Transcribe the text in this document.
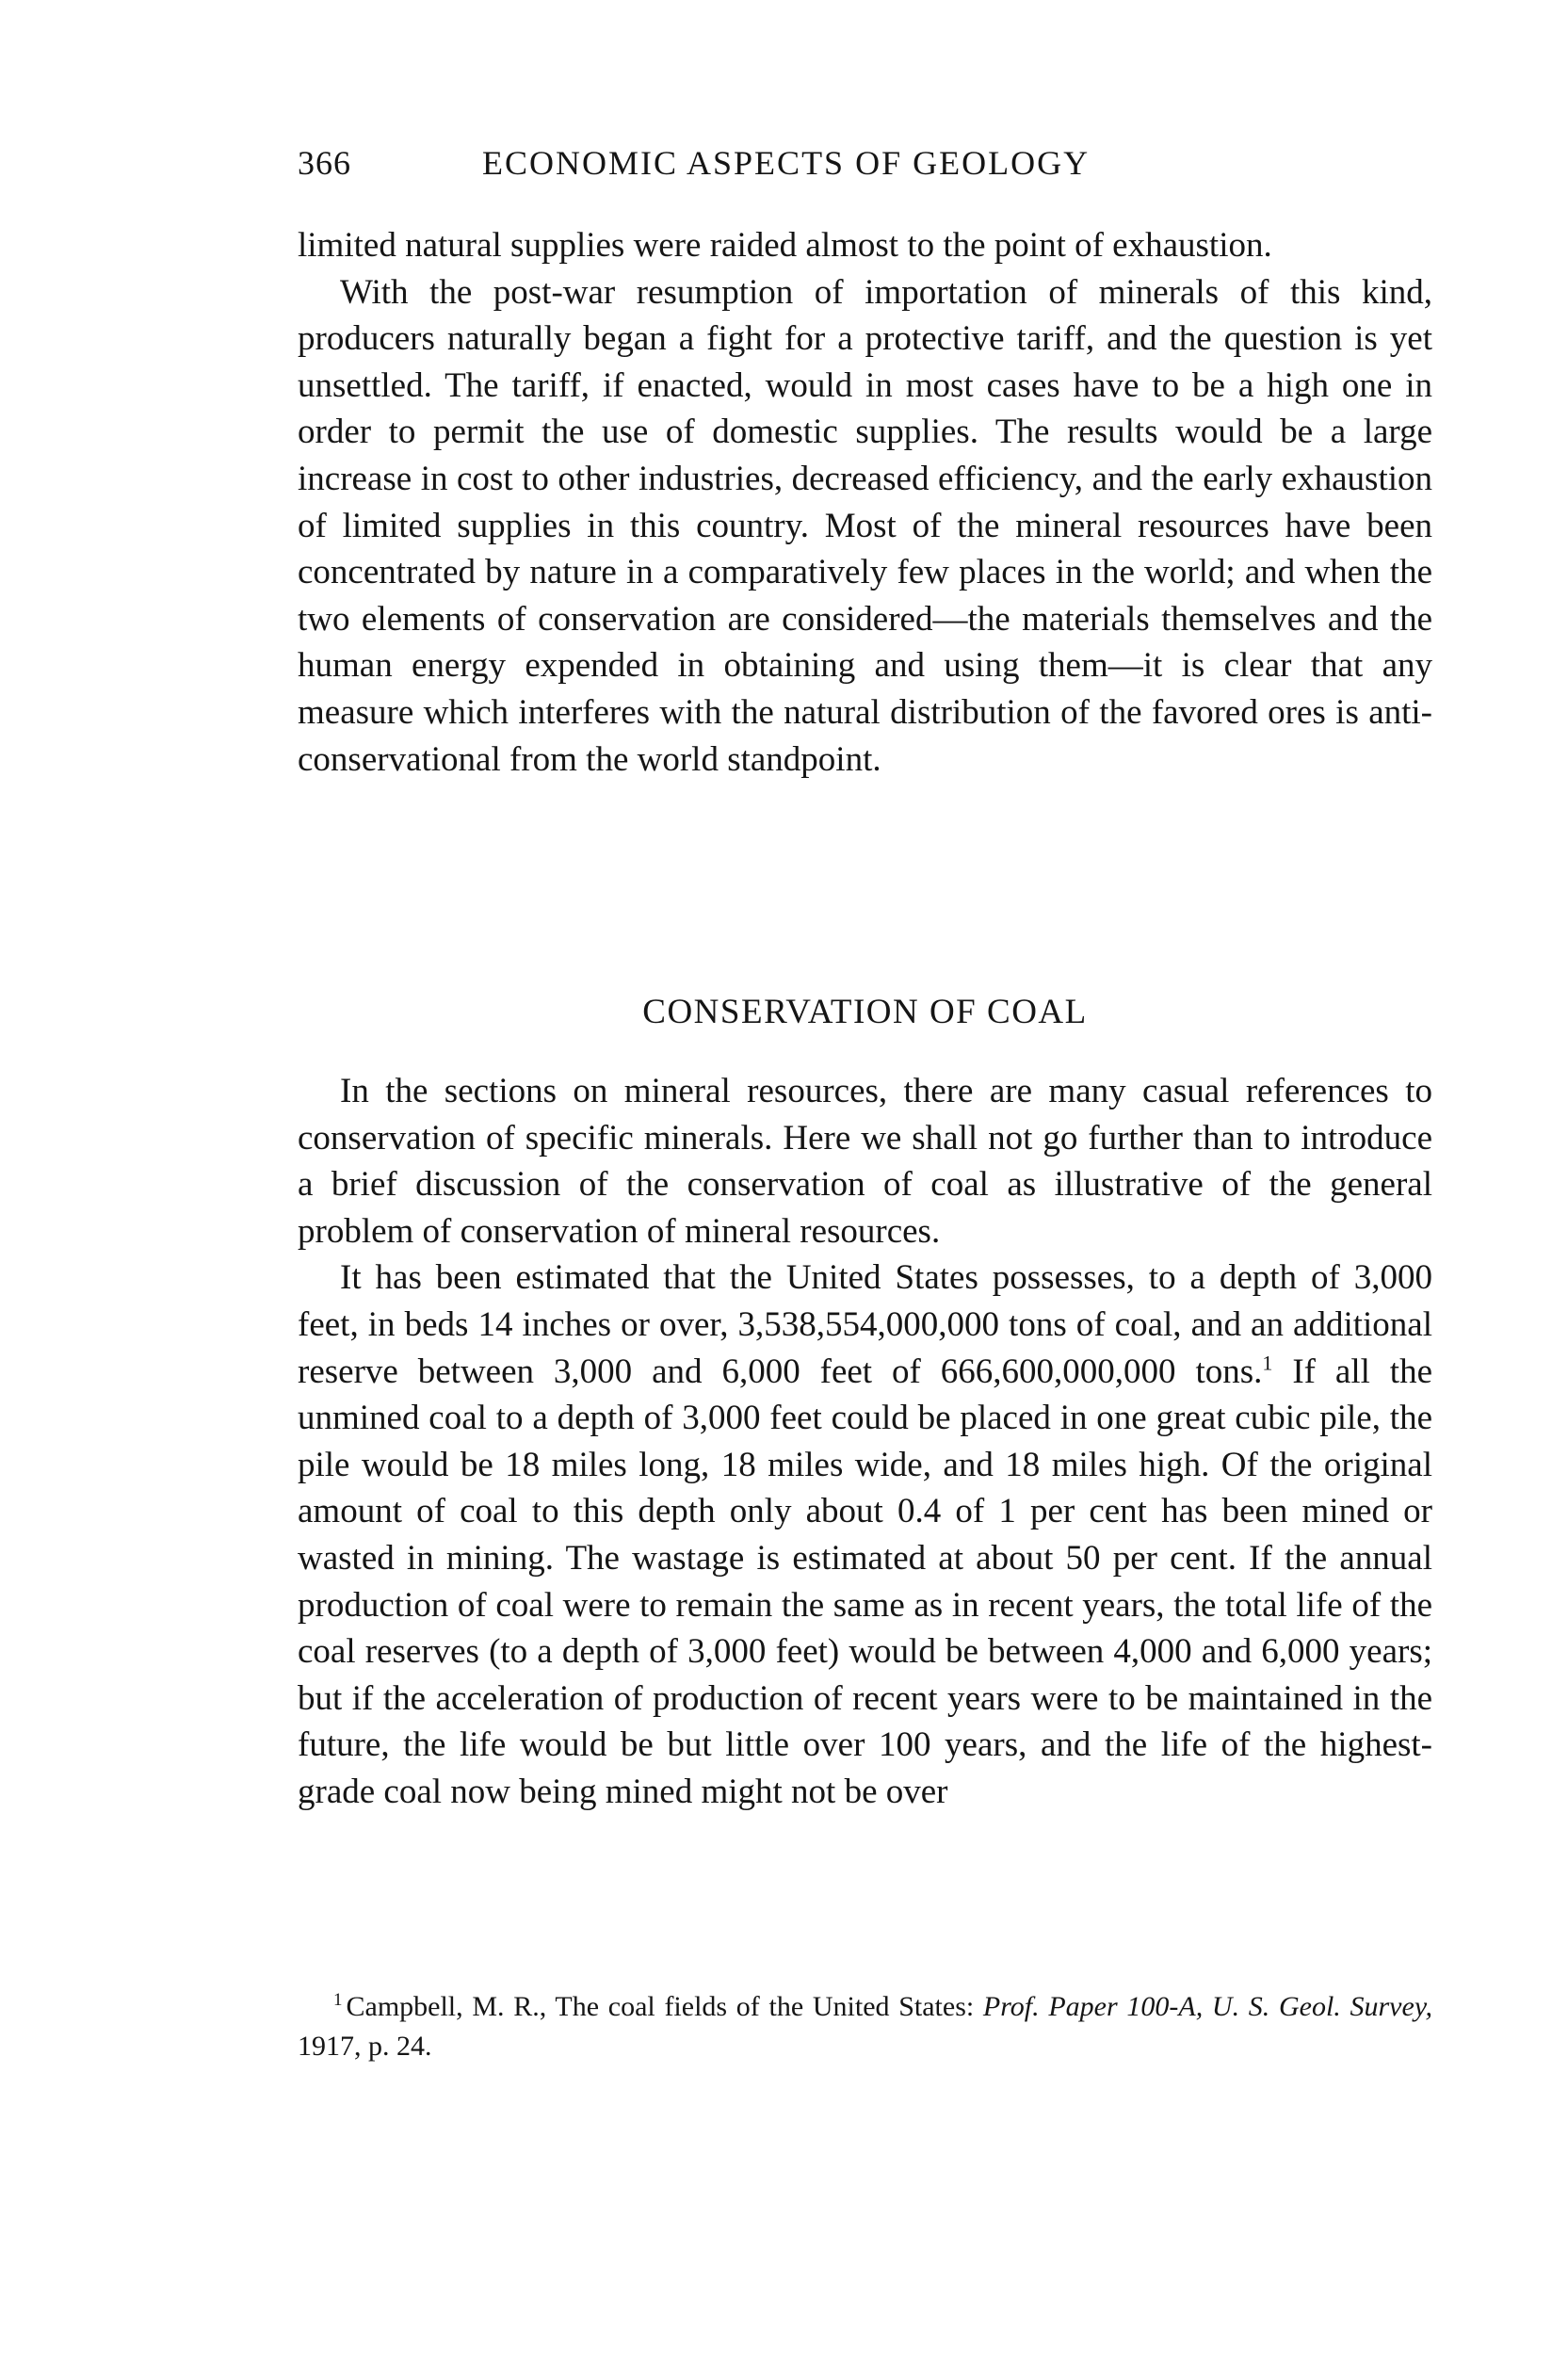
366	ECONOMIC ASPECTS OF GEOLOGY

limited natural supplies were raided almost to the point of exhaustion.

With the post-war resumption of importation of minerals of this kind, producers naturally began a fight for a protective tariff, and the question is yet unsettled. The tariff, if enacted, would in most cases have to be a high one in order to permit the use of domestic supplies. The results would be a large increase in cost to other industries, decreased efficiency, and the early exhaustion of limited supplies in this country. Most of the mineral resources have been concentrated by nature in a comparatively few places in the world; and when the two elements of conservation are considered—the materials themselves and the human energy expended in obtaining and using them—it is clear that any measure which interferes with the natural distribution of the favored ores is anti-conservational from the world standpoint.

CONSERVATION OF COAL

In the sections on mineral resources, there are many casual references to conservation of specific minerals. Here we shall not go further than to introduce a brief discussion of the conservation of coal as illustrative of the general problem of conservation of mineral resources.

It has been estimated that the United States possesses, to a depth of 3,000 feet, in beds 14 inches or over, 3,538,554,000,000 tons of coal, and an additional reserve between 3,000 and 6,000 feet of 666,600,000,000 tons.$^1$ If all the unmined coal to a depth of 3,000 feet could be placed in one great cubic pile, the pile would be 18 miles long, 18 miles wide, and 18 miles high. Of the original amount of coal to this depth only about 0.4 of 1 per cent has been mined or wasted in mining. The wastage is estimated at about 50 per cent. If the annual production of coal were to remain the same as in recent years, the total life of the coal reserves (to a depth of 3,000 feet) would be between 4,000 and 6,000 years; but if the acceleration of production of recent years were to be maintained in the future, the life would be but little over 100 years, and the life of the highest-grade coal now being mined might not be over

$^1$ Campbell, M. R., The coal fields of the United States: Prof. Paper 100-A, U. S. Geol. Survey, 1917, p. 24.
